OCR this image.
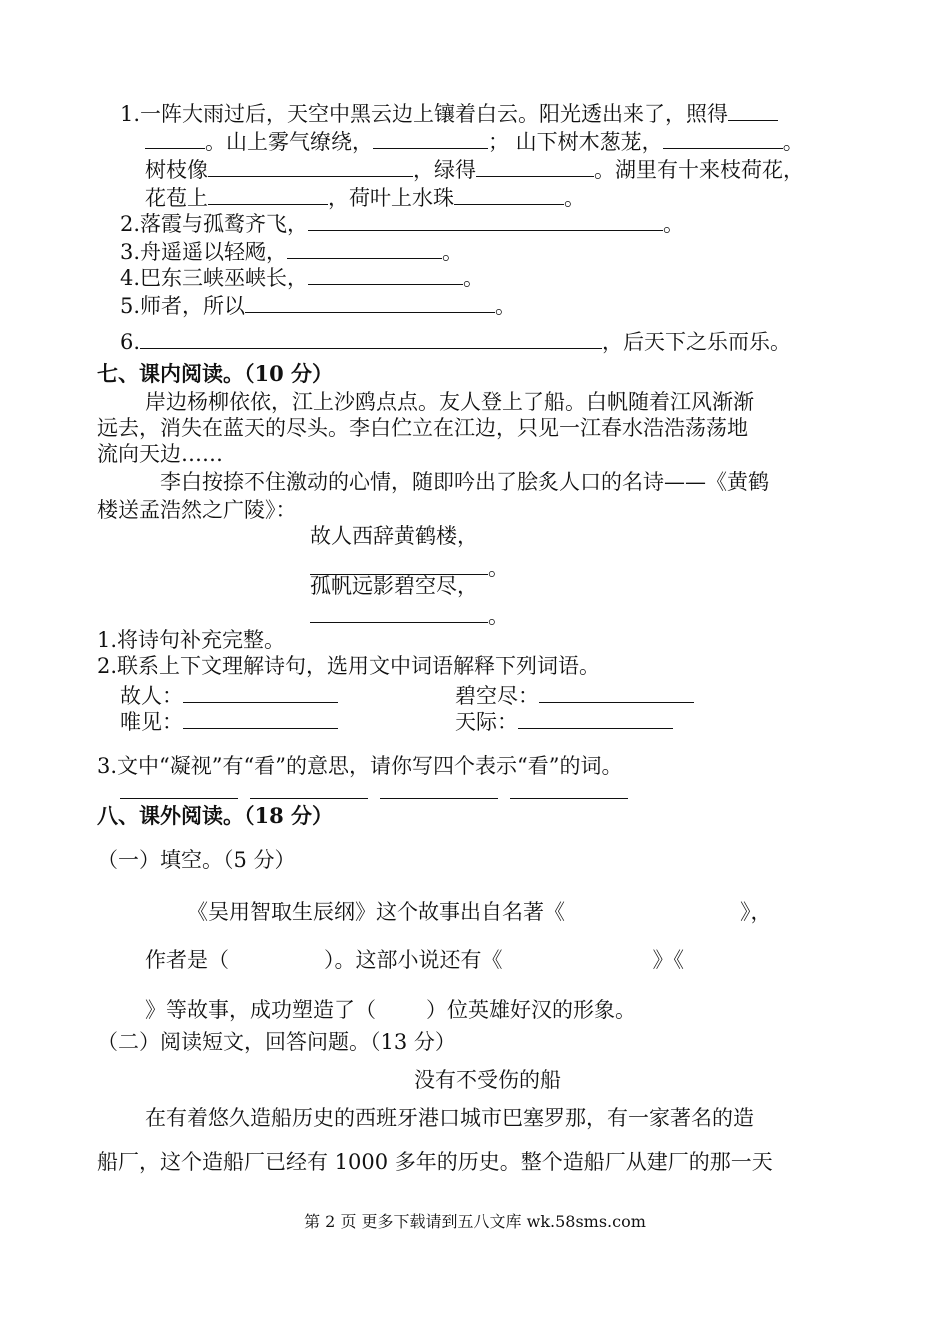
1.一阵大雨过后，天空中黑云边上镶着白云。阳光透出来了，照得
。山上雾气缭绕，	； 山下树木葱茏，	。
树枝像	，绿得	。湖里有十来枝荷花，
花苞上	，荷叶上水珠	。
2.落霞与孤鹜齐飞，	。
3.舟遥遥以轻飏，	。
4.巴东三峡巫峡长，	。
5.师者，所以	。
6.	，后天下之乐而乐。
七、课内阅读。（10 分）
岸边杨柳依依，江上沙鸥点点。友人登上了船。白帆随着江风渐渐
远去，消失在蓝天的尽头。李白伫立在江边，只见一江春水浩浩荡荡地
流向天边……
李白按捺不住激动的心情，随即吟出了脍炙人口的名诗——《黄鹤
楼送孟浩然之广陵》：
故人西辞黄鹤楼，
。
孤帆远影碧空尽，
。
1.将诗句补充完整。
2.联系上下文理解诗句，选用文中词语解释下列词语。
故人：	碧空尽：
唯见：	天际：
3.文中“凝视”有“看”的意思，请你写四个表示“看”的词。
八、课外阅读。（18 分）
（一）填空。（5 分）
《吴用智取生辰纲》这个故事出自名著《	》，
作者是（	）。这部小说还有《	》《
》等故事，成功塑造了（ ）位英雄好汉的形象。
（二）阅读短文，回答问题。（13 分）
没有不受伤的船
在有着悠久造船历史的西班牙港口城市巴塞罗那，有一家著名的造
船厂，这个造船厂已经有 1000 多年的历史。整个造船厂从建厂的那一天
第 2 页 更多下载请到五八文库 wk.58sms.com
